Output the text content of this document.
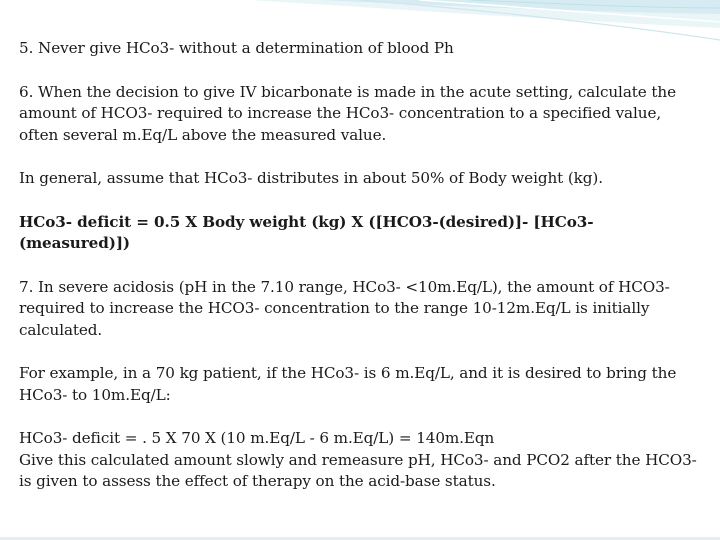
5. Never give HCo3- without a determination of blood Ph

6. When the decision to give IV bicarbonate is made in the acute setting, calculate the amount of HCO3- required to increase the HCo3- concentration to a specified value, often several m.Eq/L above the measured value.

In general, assume that HCo3- distributes in about 50% of Body weight (kg).

HCo3- deficit = 0.5 X Body weight (kg) X ([HCO3-(desired)]- [HCo3-(measured)])

7. In severe acidosis (pH in the 7.10 range, HCo3- <10m.Eq/L), the amount of HCO3- required to increase the HCO3- concentration to the range 10-12m.Eq/L is initially calculated.

For example, in a 70 kg patient, if the HCo3- is 6 m.Eq/L, and it is desired to bring the HCo3- to 10m.Eq/L:

HCo3- deficit = . 5 X 70 X (10 m.Eq/L - 6 m.Eq/L) = 140m.Eqn

Give this calculated amount slowly and remeasure pH, HCo3- and PCO2 after the HCO3- is given to assess the effect of therapy on the acid-base status.
